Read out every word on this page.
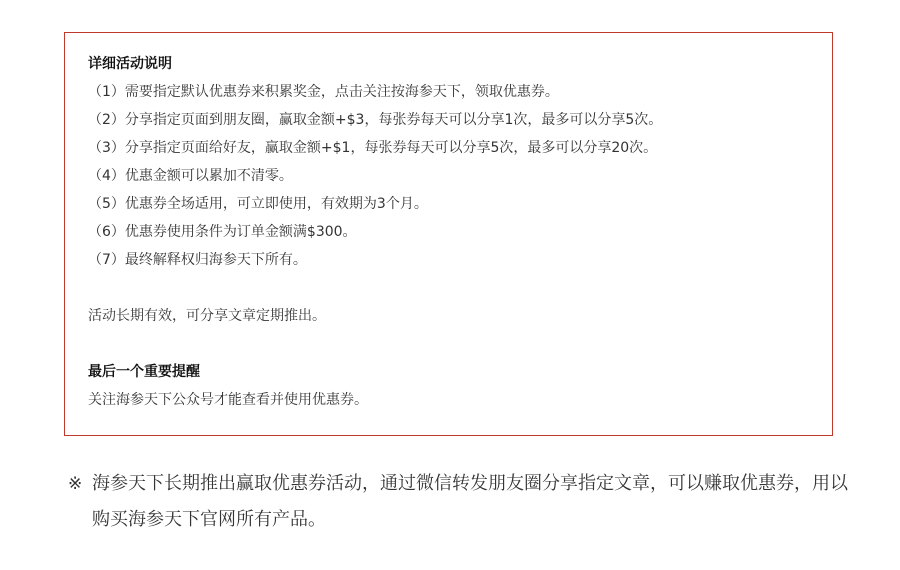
详细活动说明
（1）需要指定默认优惠券来积累奖金，点击关注按海参天下，领取优惠券。
（2）分享指定页面到朋友圈，赢取金额+$3，每张券每天可以分享1次，最多可以分享5次。
（3）分享指定页面给好友，赢取金额+$1，每张券每天可以分享5次，最多可以分享20次。
（4）优惠金额可以累加不清零。
（5）优惠券全场适用，可立即使用，有效期为3个月。
（6）优惠券使用条件为订单金额满$300。
（7）最终解释权归海参天下所有。

活动长期有效，可分享文章定期推出。

最后一个重要提醒

关注海参天下公众号才能查看并使用优惠券。

※ 海参天下长期推出赢取优惠券活动，通过微信转发朋友圈分享指定文章，可以赚取优惠券，用以购买海参天下官网所有产品。
